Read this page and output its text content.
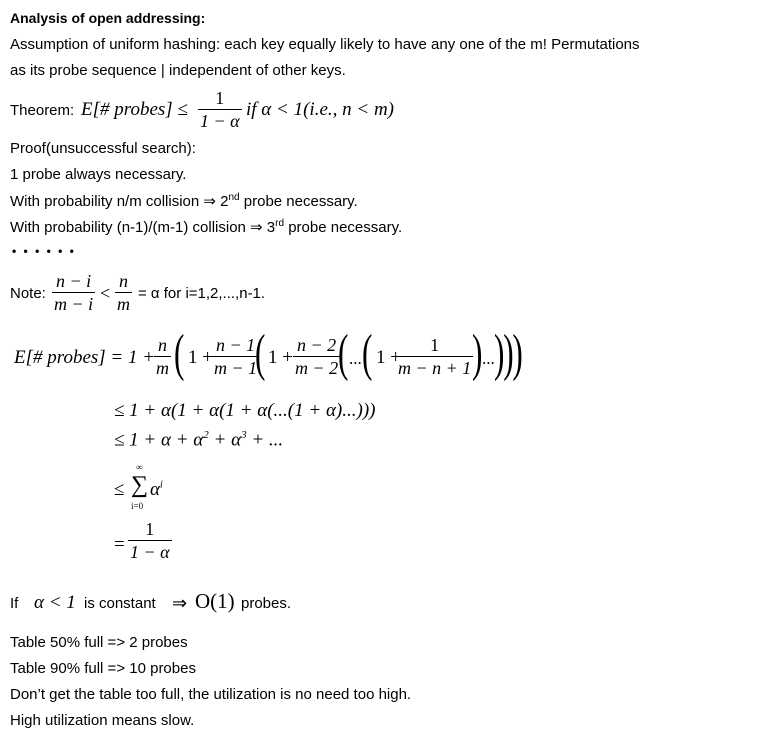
Analysis of open addressing:
Assumption of uniform hashing: each key equally likely to have any one of the m! Permutations
as its probe sequence | independent of other keys.
Theorem: E[# probes] ≤
1
1 − α
if α < 1(i.e., n < m)
Proof(unsuccessful search):
1 probe always necessary.
With probability n/m collision ⇒ 2nd probe necessary.
With probability (n-1)/(m-1) collision ⇒ 3rd probe necessary.
• • • • • •
Note:
n − i
m − i
<
n
m
= α for i=1,2,...,n-1.
E[# probes] = 1 +
n
m ( 1 +
n − 1
m − 1
( 1 +
n − 2
m − 2 ( ... ( 1 +
1
m − n + 1 ) ... )))
≤ 1 + α(1 + α(1 + α(...(1 + α)...)))
≤ $1 + \alpha + \alpha^2 + \alpha^3$ + ...
≤
∞
∑
i=0
$\alpha^i$
=
1
1 − α
If α < 1 is constant ⇒ O(1) probes.
Table 50% full => 2 probes
Table 90% full => 10 probes
Don’t get the table too full, the utilization is no need too high.
High utilization means slow.
